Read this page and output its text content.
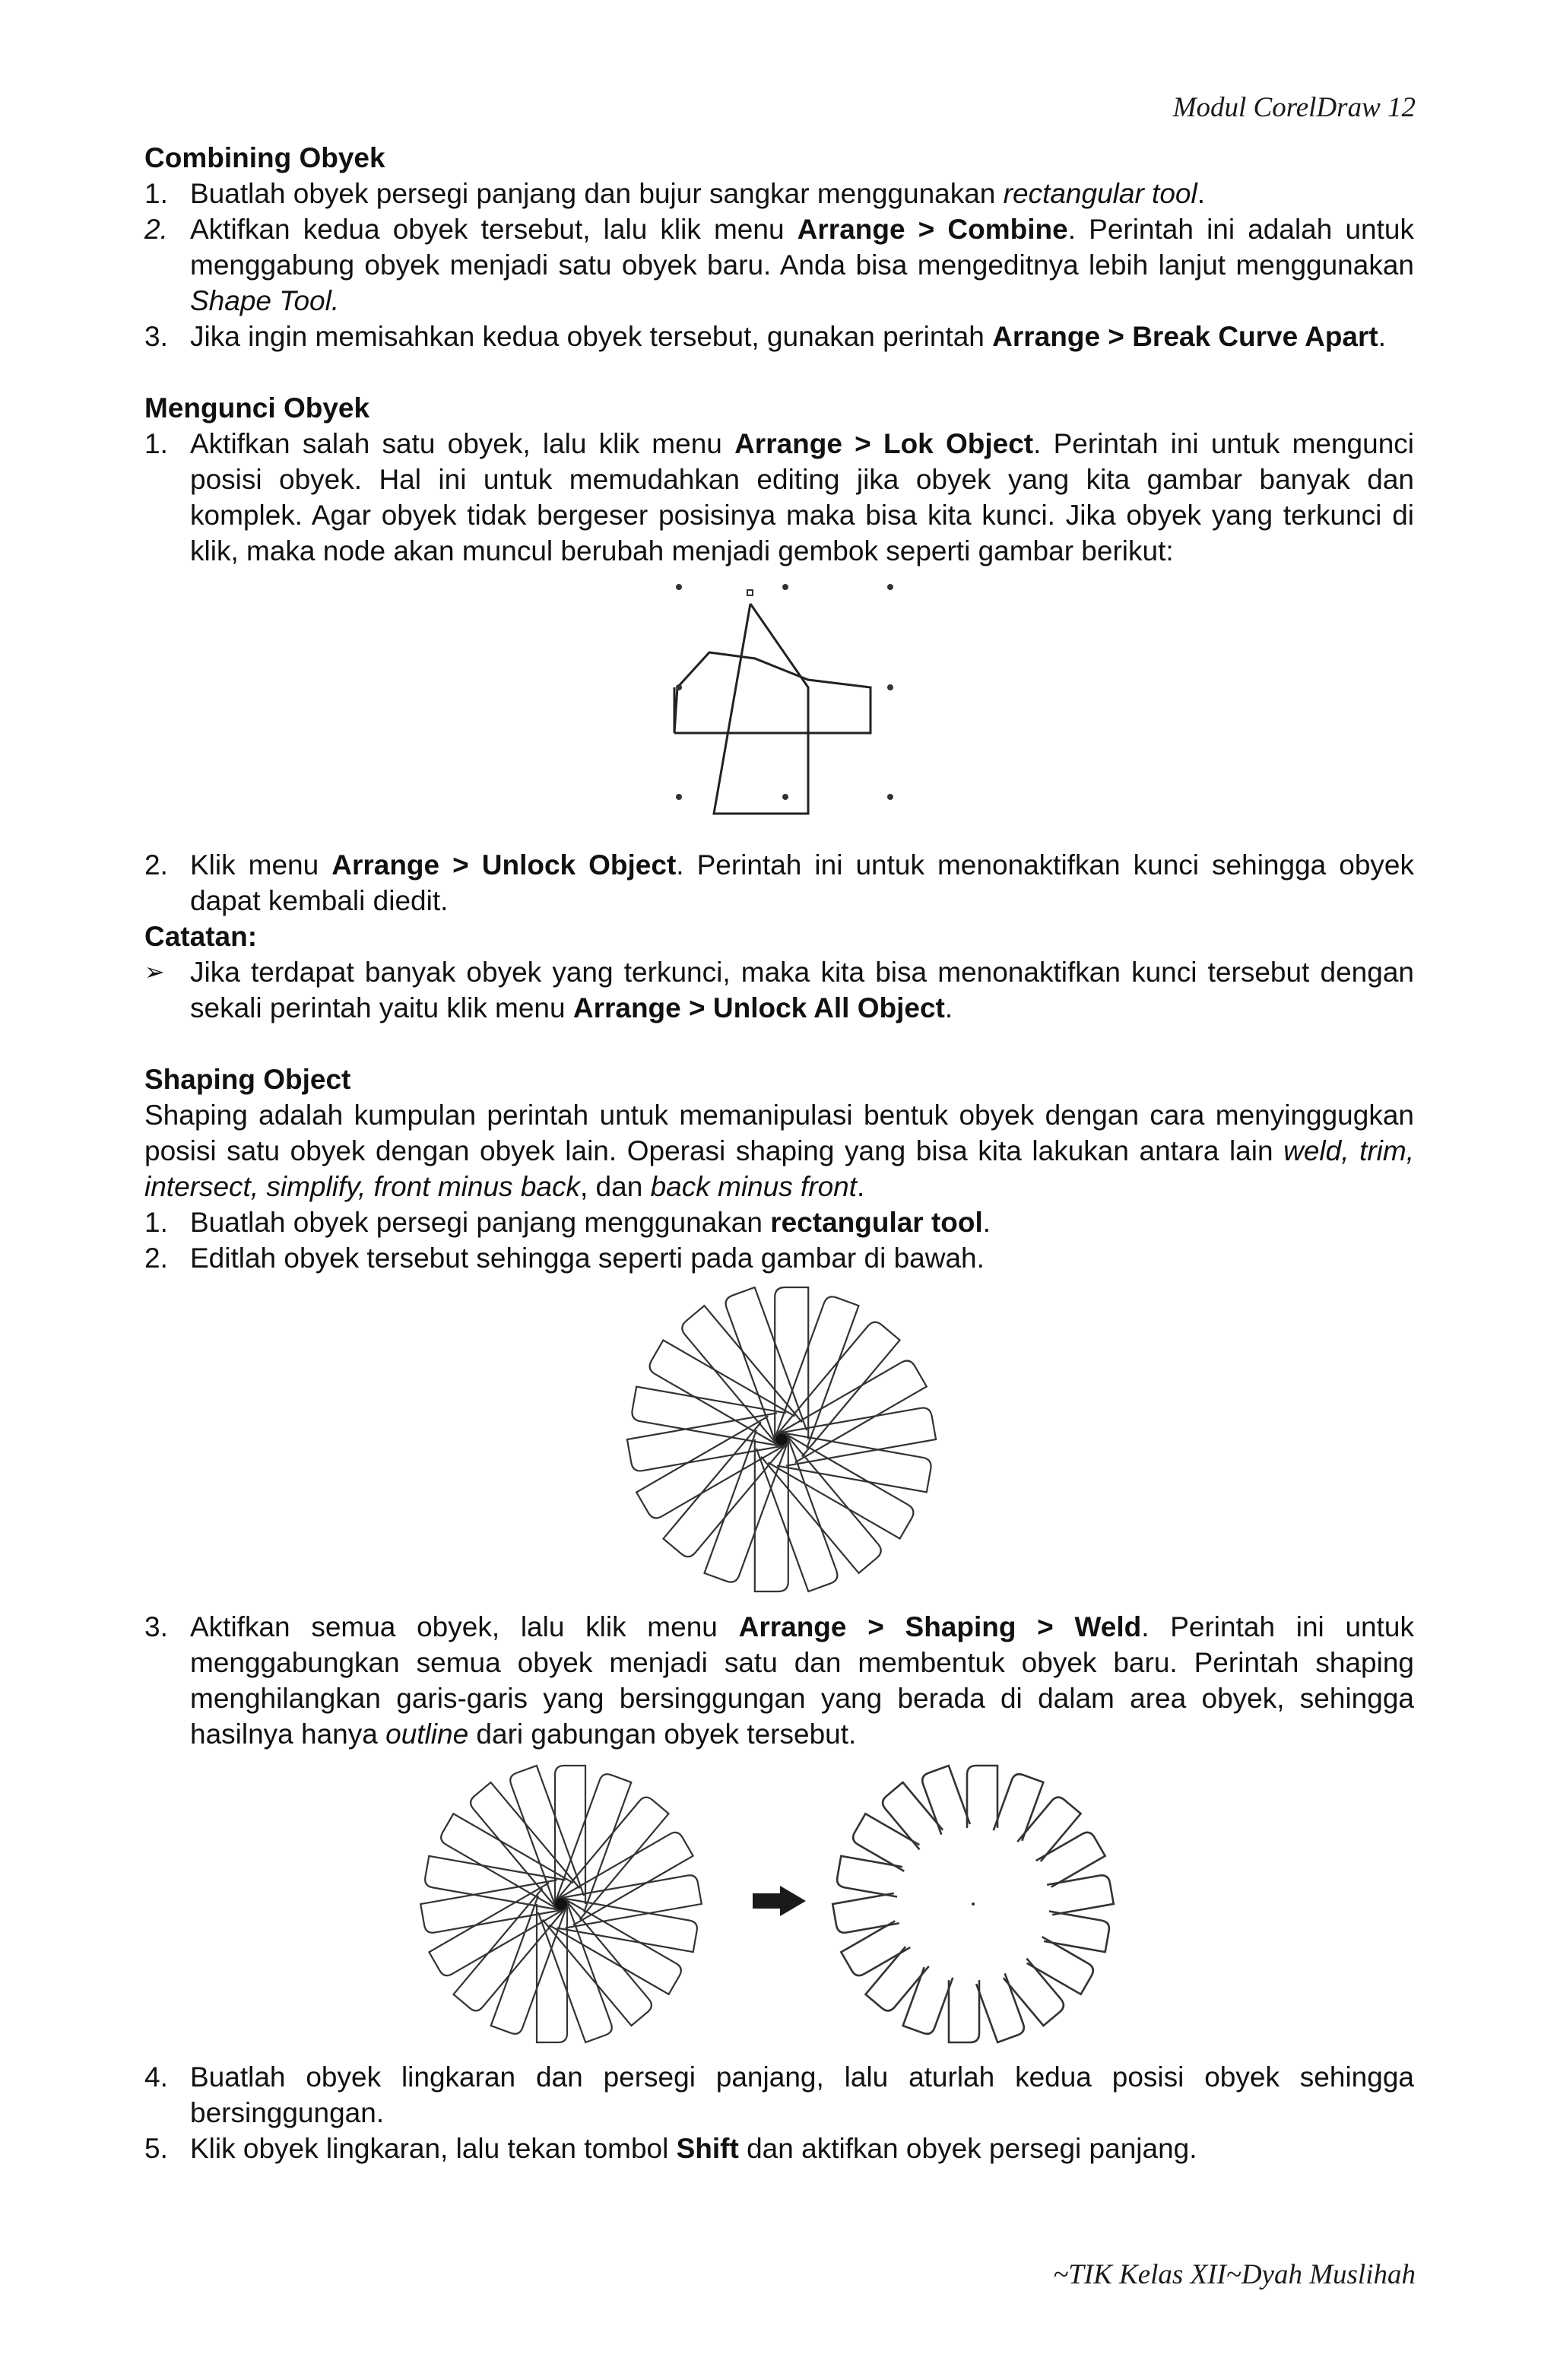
Modul CorelDraw 12
Combining Obyek
1. Buatlah obyek persegi panjang dan bujur sangkar menggunakan rectangular tool.
2. Aktifkan kedua obyek tersebut, lalu klik menu Arrange > Combine. Perintah ini adalah untuk menggabung obyek menjadi satu obyek baru. Anda bisa mengeditnya lebih lanjut menggunakan Shape Tool.
3. Jika ingin memisahkan kedua obyek tersebut, gunakan perintah Arrange > Break Curve Apart.
Mengunci Obyek
1. Aktifkan salah satu obyek, lalu klik menu Arrange > Lok Object. Perintah ini untuk mengunci posisi obyek. Hal ini untuk memudahkan editing jika obyek yang kita gambar banyak dan komplek. Agar obyek tidak bergeser posisinya maka bisa kita kunci. Jika obyek yang terkunci di klik, maka node akan muncul berubah menjadi gembok seperti gambar berikut:
2. Klik menu Arrange > Unlock Object. Perintah ini untuk menonaktifkan kunci sehingga obyek dapat kembali diedit.
Catatan:
➢ Jika terdapat banyak obyek yang terkunci, maka kita bisa menonaktifkan kunci tersebut dengan sekali perintah yaitu klik menu Arrange > Unlock All Object.
Shaping Object

Shaping adalah kumpulan perintah untuk memanipulasi bentuk obyek dengan cara menyinggugkan posisi satu obyek dengan obyek lain. Operasi shaping yang bisa kita lakukan antara lain weld, trim, intersect, simplify, front minus back, dan back minus front.

1. Buatlah obyek persegi panjang menggunakan rectangular tool.
2. Editlah obyek tersebut sehingga seperti pada gambar di bawah.
3. Aktifkan semua obyek, lalu klik menu Arrange > Shaping > Weld. Perintah ini untuk menggabungkan semua obyek menjadi satu dan membentuk obyek baru. Perintah shaping menghilangkan garis-garis yang bersinggungan yang berada di dalam area obyek, sehingga hasilnya hanya outline dari gabungan obyek tersebut.
4. Buatlah obyek lingkaran dan persegi panjang, lalu aturlah kedua posisi obyek sehingga bersinggungan.
5. Klik obyek lingkaran, lalu tekan tombol Shift dan aktifkan obyek persegi panjang.
~TIK Kelas XII~Dyah Muslihah
